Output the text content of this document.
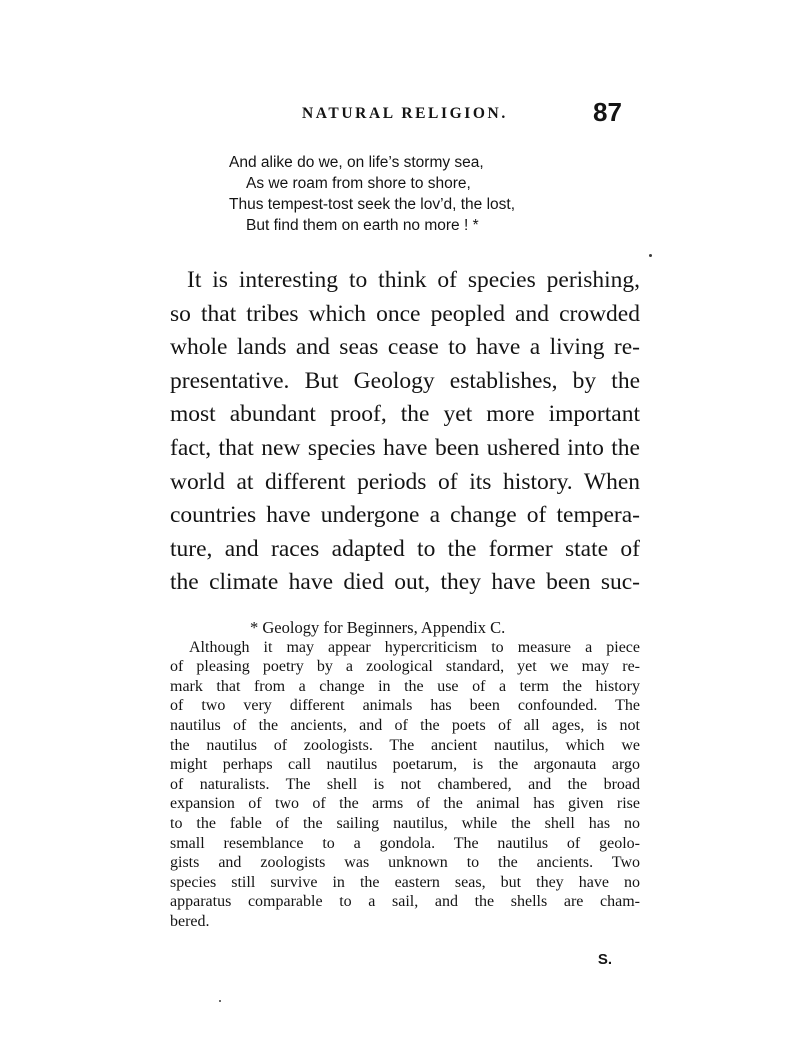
NATURAL RELIGION.	87
And alike do we, on life’s stormy sea,
As we roam from shore to shore,
Thus tempest-tost seek the lov’d, the lost,
But find them on earth no more ! *
It is interesting to think of species perishing,
so that tribes which once peopled and crowded
whole lands and seas cease to have a living re-
presentative. But Geology establishes, by the
most abundant proof, the yet more important
fact, that new species have been ushered into the
world at different periods of its history. When
countries have undergone a change of tempera-
ture, and races adapted to the former state of
the climate have died out, they have been suc-
* Geology for Beginners, Appendix C.
Although it may appear hypercriticism to measure a piece
of pleasing poetry by a zoological standard, yet we may re-
mark that from a change in the use of a term the history
of two very different animals has been confounded. The
nautilus of the ancients, and of the poets of all ages, is not
the nautilus of zoologists. The ancient nautilus, which we
might perhaps call nautilus poetarum, is the argonauta argo
of naturalists. The shell is not chambered, and the broad
expansion of two of the arms of the animal has given rise
to the fable of the sailing nautilus, while the shell has no
small resemblance to a gondola. The nautilus of geolo-
gists and zoologists was unknown to the ancients. Two
species still survive in the eastern seas, but they have no
apparatus comparable to a sail, and the shells are cham-
bered.
S.
